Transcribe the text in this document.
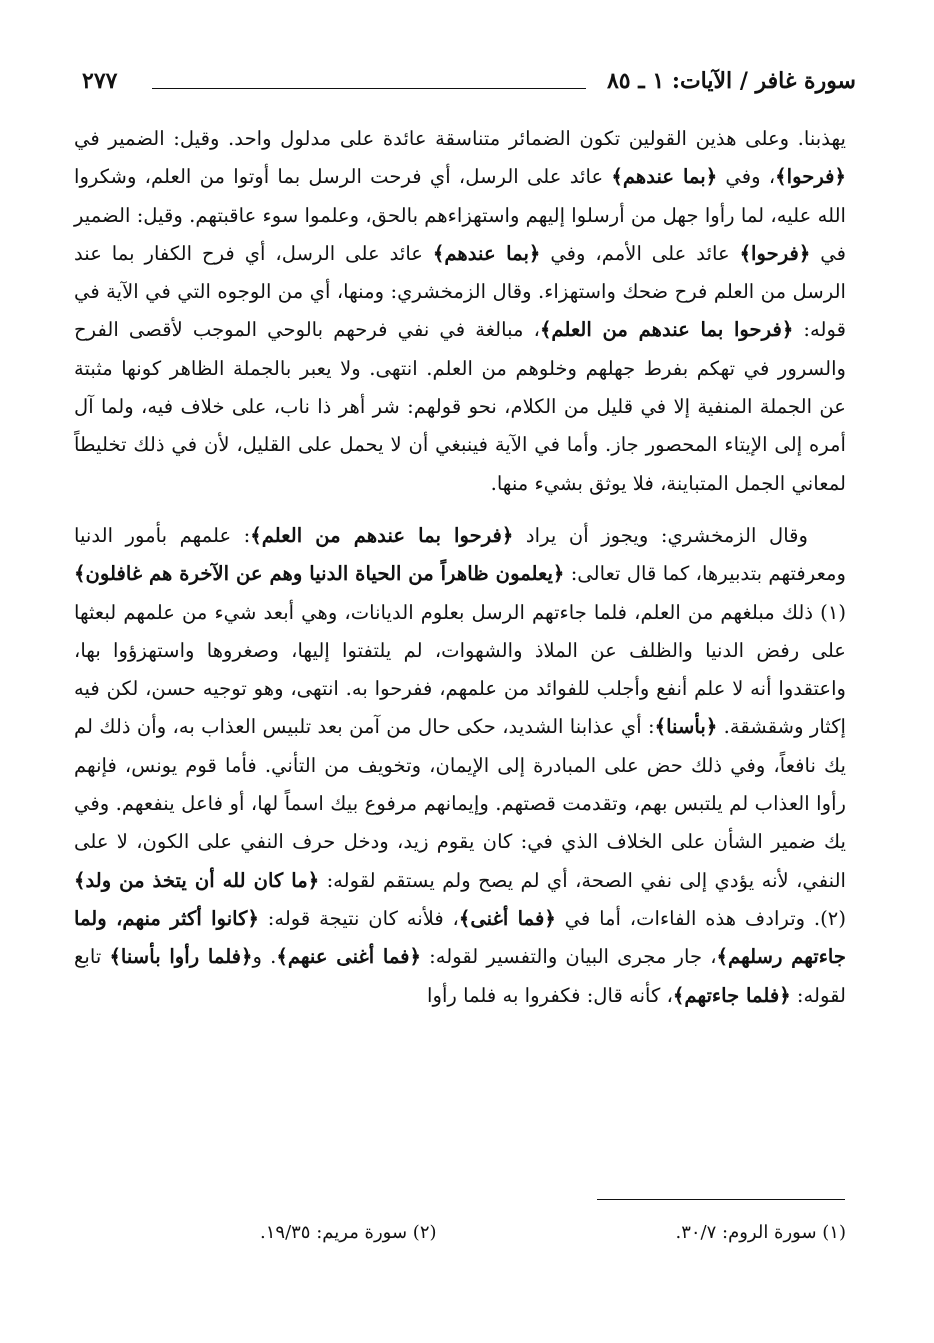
سورة غافر / الآيات: ١ ـ ٨٥
٢٧٧

يهذبنا. وعلى هذين القولين تكون الضمائر متناسقة عائدة على مدلول واحد. وقيل: الضمير في ﴿فرحوا﴾، وفي ﴿بما عندهم﴾ عائد على الرسل، أي فرحت الرسل بما أوتوا من العلم، وشكروا الله عليه، لما رأوا جهل من أرسلوا إليهم واستهزاءهم بالحق، وعلموا سوء عاقبتهم. وقيل: الضمير في ﴿فرحوا﴾ عائد على الأمم، وفي ﴿بما عندهم﴾ عائد على الرسل، أي فرح الكفار بما عند الرسل من العلم فرح ضحك واستهزاء. وقال الزمخشري: ومنها، أي من الوجوه التي في الآية في قوله: ﴿فرحوا بما عندهم من العلم﴾، مبالغة في نفي فرحهم بالوحي الموجب لأقصى الفرح والسرور في تهكم بفرط جهلهم وخلوهم من العلم. انتهى. ولا يعبر بالجملة الظاهر كونها مثبتة عن الجملة المنفية إلا في قليل من الكلام، نحو قولهم: شر أهر ذا ناب، على خلاف فيه، ولما آل أمره إلى الإيتاء المحصور جاز. وأما في الآية فينبغي أن لا يحمل على القليل، لأن في ذلك تخليطاً لمعاني الجمل المتباينة، فلا يوثق بشيء منها.

وقال الزمخشري: ويجوز أن يراد ﴿فرحوا بما عندهم من العلم﴾: علمهم بأمور الدنيا ومعرفتهم بتدبيرها، كما قال تعالى: ﴿يعلمون ظاهراً من الحياة الدنيا وهم عن الآخرة هم غافلون﴾(١) ذلك مبلغهم من العلم، فلما جاءتهم الرسل بعلوم الديانات، وهي أبعد شيء من علمهم لبعثها على رفض الدنيا والظلف عن الملاذ والشهوات، لم يلتفتوا إليها، وصغروها واستهزؤوا بها، واعتقدوا أنه لا علم أنفع وأجلب للفوائد من علمهم، ففرحوا به. انتهى، وهو توجيه حسن، لكن فيه إكثار وشقشقة. ﴿بأسنا﴾: أي عذابنا الشديد، حكى حال من آمن بعد تلبيس العذاب به، وأن ذلك لم يك نافعاً، وفي ذلك حض على المبادرة إلى الإيمان، وتخويف من التأني. فأما قوم يونس، فإنهم رأوا العذاب لم يلتبس بهم، وتقدمت قصتهم. وإيمانهم مرفوع بيك اسماً لها، أو فاعل ينفعهم. وفي يك ضمير الشأن على الخلاف الذي في: كان يقوم زيد، ودخل حرف النفي على الكون، لا على النفي، لأنه يؤدي إلى نفي الصحة، أي لم يصح ولم يستقم لقوله: ﴿ما كان لله أن يتخذ من ولد﴾(٢). وترادف هذه الفاءات، أما في ﴿فما أغنى﴾، فلأنه كان نتيجة قوله: ﴿كانوا أكثر منهم، ولما جاءتهم رسلهم﴾، جار مجرى البيان والتفسير لقوله: ﴿فما أغنى عنهم﴾. و﴿فلما رأوا بأسنا﴾ تابع لقوله: ﴿فلما جاءتهم﴾، كأنه قال: فكفروا به فلما رأوا

(١) سورة الروم: ٣٠/٧.
(٢) سورة مريم: ١٩/٣٥.
